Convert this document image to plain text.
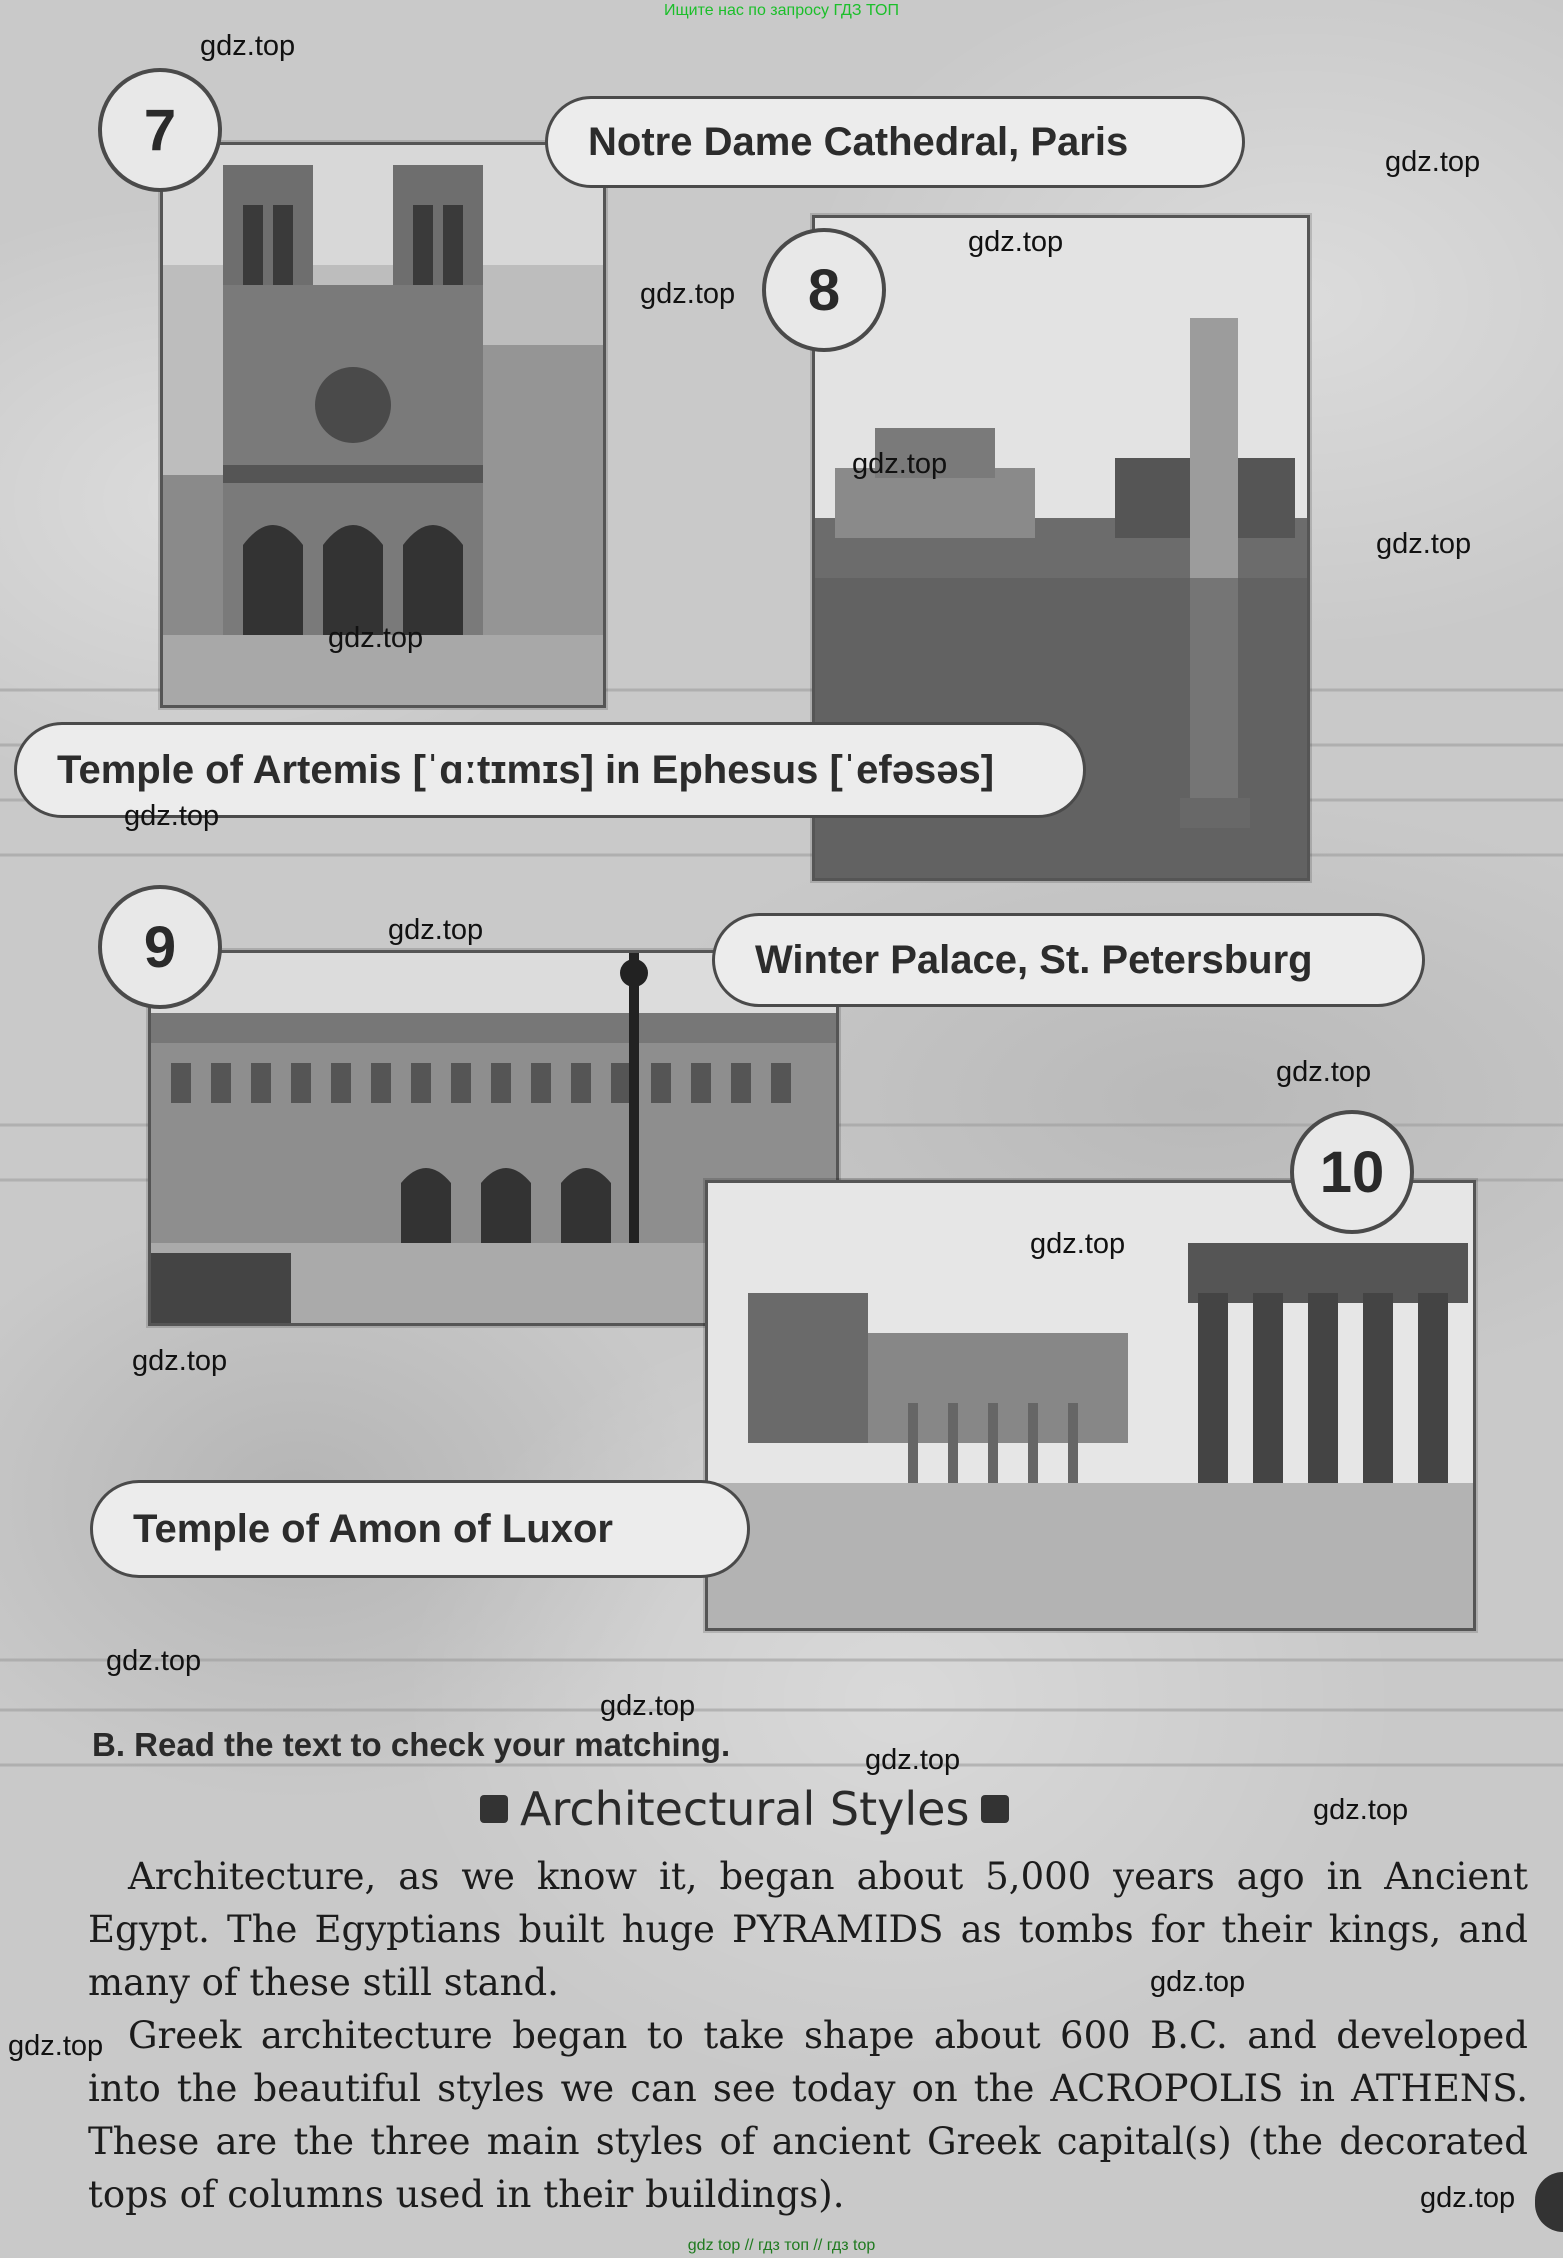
Ищите нас по запросу ГДЗ ТОП
7
8
9
10
Notre Dame Cathedral, Paris
Temple of Artemis [ˈɑːtɪmɪs] in Ephesus [ˈefəsəs]
Winter Palace, St. Petersburg
Temple of Amon of Luxor
B. Read the text to check your matching.
Architectural Styles

Architecture, as we know it, began about 5,000 years ago in Ancient Egypt. The Egyptians built huge PYRAMIDS as tombs for their kings, and many of these still stand.

Greek architecture began to take shape about 600 B.C. and developed into the beautiful styles we can see today on the ACROPOLIS in ATHENS. These are the three main styles of ancient Greek capital(s) (the decorated tops of columns used in their buildings).

gdz.top
gdz.top
gdz.top
gdz.top
gdz.top
gdz.top
gdz.top
gdz.top
gdz.top
gdz.top
gdz.top
gdz.top
gdz.top
gdz.top
gdz.top
gdz.top
gdz.top
gdz.top
gdz.top
gdz top // гдз топ // гдз top
